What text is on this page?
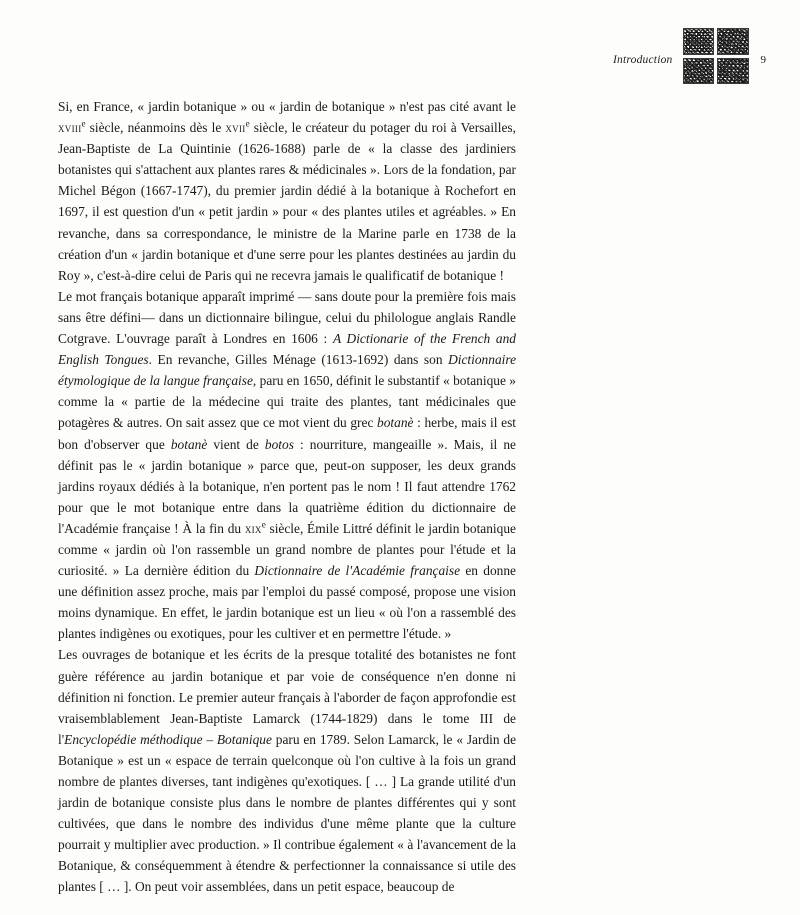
Introduction	9

Si, en France, « jardin botanique » ou « jardin de botanique » n'est pas cité avant le xviii$^e$ siècle, néanmoins dès le xvii$^e$ siècle, le créateur du potager du roi à Versailles, Jean-Baptiste de La Quintinie (1626-1688) parle de « la classe des jardiniers botanistes qui s'attachent aux plantes rares & médicinales ». Lors de la fondation, par Michel Bégon (1667-1747), du premier jardin dédié à la botanique à Rochefort en 1697, il est question d'un « petit jardin » pour « des plantes utiles et agréables. » En revanche, dans sa correspondance, le ministre de la Marine parle en 1738 de la création d'un « jardin botanique et d'une serre pour les plantes destinées au jardin du Roy », c'est-à-dire celui de Paris qui ne recevra jamais le qualificatif de botanique !

Le mot français botanique apparaît imprimé — sans doute pour la première fois mais sans être défini— dans un dictionnaire bilingue, celui du philologue anglais Randle Cotgrave. L'ouvrage paraît à Londres en 1606 : A Dictionarie of the French and English Tongues. En revanche, Gilles Ménage (1613-1692) dans son Dictionnaire étymologique de la langue française, paru en 1650, définit le substantif « botanique » comme la « partie de la médecine qui traite des plantes, tant médicinales que potagères & autres. On sait assez que ce mot vient du grec botanè : herbe, mais il est bon d'observer que botanè vient de botos : nourriture, mangeaille ». Mais, il ne définit pas le « jardin botanique » parce que, peut-on supposer, les deux grands jardins royaux dédiés à la botanique, n'en portent pas le nom ! Il faut attendre 1762 pour que le mot botanique entre dans la quatrième édition du dictionnaire de l'Académie française ! À la fin du xix$^e$ siècle, Émile Littré définit le jardin botanique comme « jardin où l'on rassemble un grand nombre de plantes pour l'étude et la curiosité. » La dernière édition du Dictionnaire de l'Académie française en donne une définition assez proche, mais par l'emploi du passé composé, propose une vision moins dynamique. En effet, le jardin botanique est un lieu « où l'on a rassemblé des plantes indigènes ou exotiques, pour les cultiver et en permettre l'étude. »

Les ouvrages de botanique et les écrits de la presque totalité des botanistes ne font guère référence au jardin botanique et par voie de conséquence n'en donne ni définition ni fonction. Le premier auteur français à l'aborder de façon approfondie est vraisemblablement Jean-Baptiste Lamarck (1744-1829) dans le tome III de l'Encyclopédie méthodique – Botanique paru en 1789. Selon Lamarck, le « Jardin de Botanique » est un « espace de terrain quelconque où l'on cultive à la fois un grand nombre de plantes diverses, tant indigènes qu'exotiques. [ … ] La grande utilité d'un jardin de botanique consiste plus dans le nombre de plantes différentes qui y sont cultivées, que dans le nombre des individus d'une même plante que la culture pourrait y multiplier avec production. » Il contribue également « à l'avancement de la Botanique, & conséquemment à étendre & perfectionner la connaissance si utile des plantes [ … ]. On peut voir assemblées, dans un petit espace, beaucoup de
